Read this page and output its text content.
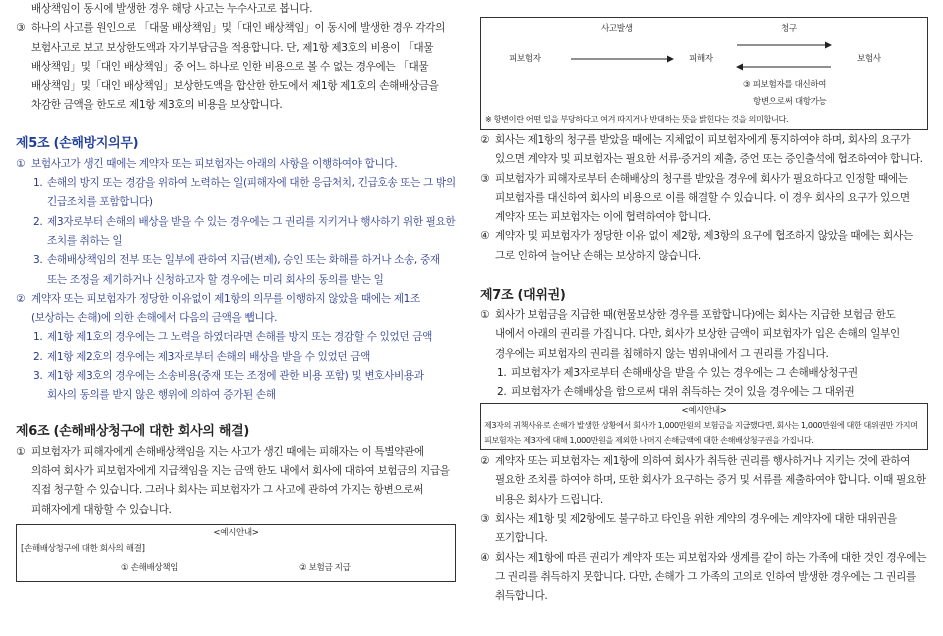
배상책임이 동시에 발생한 경우 해당 사고는 누수사고로 봅니다.

③ 하나의 사고를 원인으로 「대물 배상책임」및「대인 배상책임」이 동시에 발생한 경우 각각의 보험사고로 보고 보상한도액과 자기부담금을 적용합니다. 단, 제1항 제3호의 비용이 「대물 배상책임」및「대인 배상책임」중 어느 하나로 인한 비용으로 볼 수 없는 경우에는 「대물 배상책임」및「대인 배상책임」보상한도액을 합산한 한도에서 제1항 제1호의 손해배상금을 차감한 금액을 한도로 제1항 제3호의 비용을 보상합니다.

제5조 (손해방지의무)

① 보험사고가 생긴 때에는 계약자 또는 피보험자는 아래의 사항을 이행하여야 합니다.
1. 손해의 방지 또는 경감을 위하여 노력하는 일(피해자에 대한 응급처치, 긴급호송 또는 그 밖의 긴급조치를 포함합니다)
2. 제3자로부터 손해의 배상을 받을 수 있는 경우에는 그 권리를 지키거나 행사하기 위한 필요한 조치를 취하는 일
3. 손해배상책임의 전부 또는 일부에 관하여 지급(변제), 승인 또는 화해를 하거나 소송, 중재 또는 조정을 제기하거나 신청하고자 할 경우에는 미리 회사의 동의를 받는 일
② 계약자 또는 피보험자가 정당한 이유없이 제1항의 의무를 이행하지 않았을 때에는 제1조(보상하는 손해)에 의한 손해에서 다음의 금액을 뺍니다.
1. 제1항 제1호의 경우에는 그 노력을 하였더라면 손해를 방지 또는 경감할 수 있었던 금액
2. 제1항 제2호의 경우에는 제3자로부터 손해의 배상을 받을 수 있었던 금액
3. 제1항 제3호의 경우에는 소송비용(중재 또는 조정에 관한 비용 포함) 및 변호사비용과 회사의 동의를 받지 않은 행위에 의하여 증가된 손해

제6조 (손해배상청구에 대한 회사의 해결)

① 피보험자가 피해자에게 손해배상책임을 지는 사고가 생긴 때에는 피해자는 이 특별약관에 의하여 회사가 피보험자에게 지급책임을 지는 금액 한도 내에서 회사에 대하여 보험금의 지급을 직접 청구할 수 있습니다. 그러나 회사는 피보험자가 그 사고에 관하여 가지는 항변으로써 피해자에게 대항할 수 있습니다.
<예시안내>
[손해배상청구에 대한 회사의 해결]
① 손해배상책임	② 보험금 지급
사고발생	청구
피보험자	피해자	보험사
③ 피보험자를 대신하여
항변으로써 대항가능
※ 항변이란 어떤 일을 부당하다고 여겨 따지거나 반대하는 뜻을 밝힌다는 것을 의미합니다.
② 회사는 제1항의 청구를 받았을 때에는 지체없이 피보험자에게 통지하여야 하며, 회사의 요구가 있으면 계약자 및 피보험자는 필요한 서류·증거의 제출, 증언 또는 증인출석에 협조하여야 합니다.
③ 피보험자가 피해자로부터 손해배상의 청구를 받았을 경우에 회사가 필요하다고 인정할 때에는 피보험자를 대신하여 회사의 비용으로 이를 해결할 수 있습니다. 이 경우 회사의 요구가 있으면 계약자 또는 피보험자는 이에 협력하여야 합니다.
④ 계약자 및 피보험자가 정당한 이유 없이 제2항, 제3항의 요구에 협조하지 않았을 때에는 회사는 그로 인하여 늘어난 손해는 보상하지 않습니다.

제7조 (대위권)

① 회사가 보험금을 지급한 때(현물보상한 경우를 포함합니다)에는 회사는 지급한 보험금 한도 내에서 아래의 권리를 가집니다. 다만, 회사가 보상한 금액이 피보험자가 입은 손해의 일부인 경우에는 피보험자의 권리를 침해하지 않는 범위내에서 그 권리를 가집니다.
1. 피보험자가 제3자로부터 손해배상을 받을 수 있는 경우에는 그 손해배상청구권
2. 피보험자가 손해배상을 함으로써 대위 취득하는 것이 있을 경우에는 그 대위권
<예시안내>
제3자의 귀책사유로 손해가 발생한 상황에서 회사가 1,000만원의 보험금을 지급했다면, 회사는 1,000만원에 대한 대위권만 가지며 피보험자는 제3자에 대해 1,000만원을 제외한 나머지 손해금액에 대한 손해배상청구권을 가집니다.
② 계약자 또는 피보험자는 제1항에 의하여 회사가 취득한 권리를 행사하거나 지키는 것에 관하여 필요한 조치를 하여야 하며, 또한 회사가 요구하는 증거 및 서류를 제출하여야 합니다. 이때 필요한 비용은 회사가 드립니다.
③ 회사는 제1항 및 제2항에도 불구하고 타인을 위한 계약의 경우에는 계약자에 대한 대위권을 포기합니다.
④ 회사는 제1항에 따른 권리가 계약자 또는 피보험자와 생계를 같이 하는 가족에 대한 것인 경우에는 그 권리를 취득하지 못합니다. 다만, 손해가 그 가족의 고의로 인하여 발생한 경우에는 그 권리를 취득합니다.
